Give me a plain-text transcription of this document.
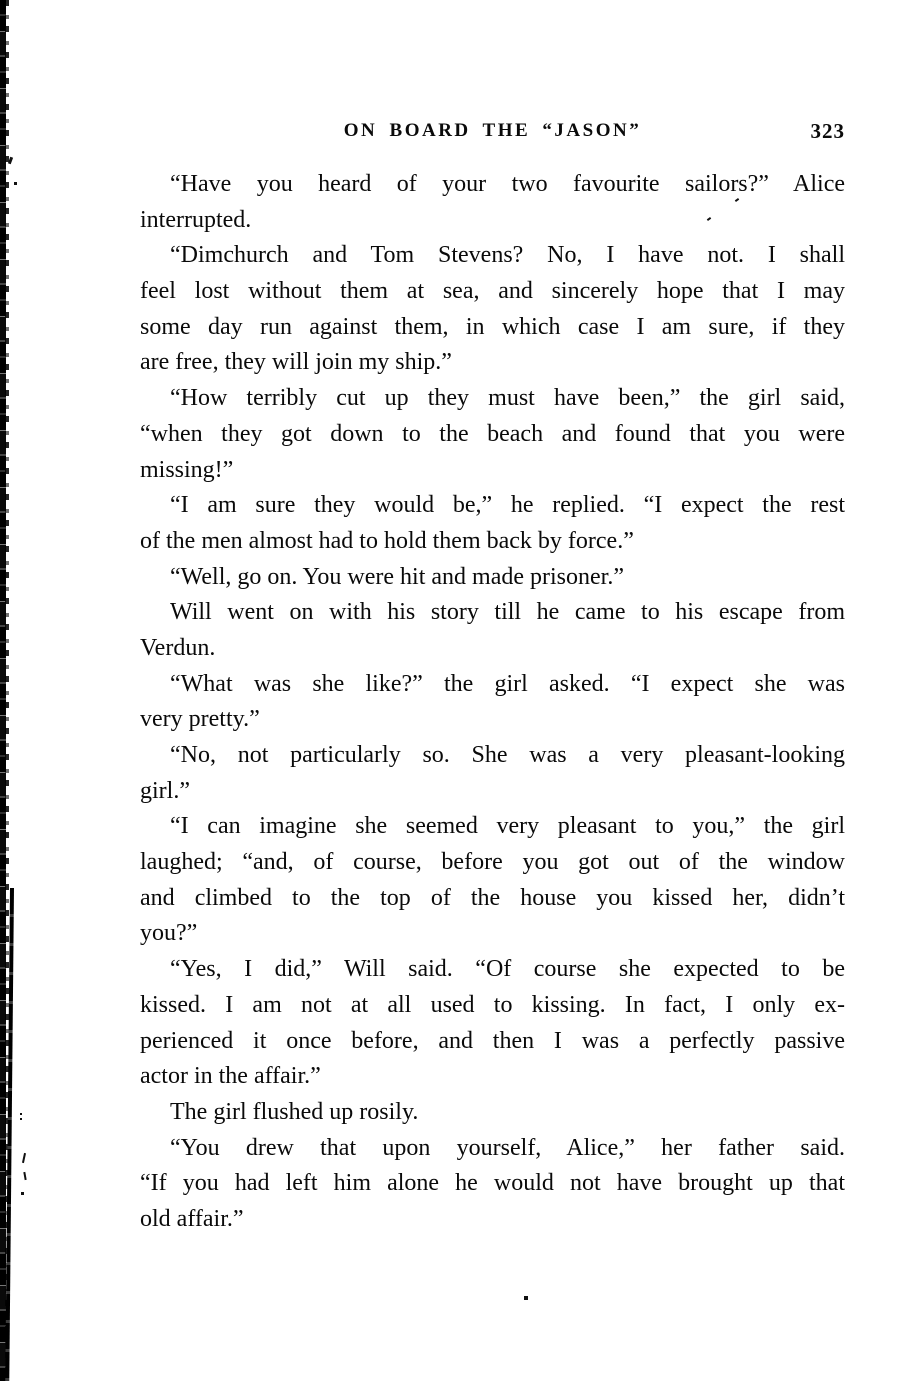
ON BOARD THE “JASON”	323
“Have you heard of your two favourite sailors?” Alice
interrupted.
“Dimchurch and Tom Stevens? No, I have not. I shall
feel lost without them at sea, and sincerely hope that I may
some day run against them, in which case I am sure, if they
are free, they will join my ship.”
“How terribly cut up they must have been,” the girl said,
“when they got down to the beach and found that you were
missing!”
“I am sure they would be,” he replied. “I expect the rest
of the men almost had to hold them back by force.”
“Well, go on. You were hit and made prisoner.”
Will went on with his story till he came to his escape from
Verdun.
“What was she like?” the girl asked. “I expect she was
very pretty.”
“No, not particularly so. She was a very pleasant-looking
girl.”
“I can imagine she seemed very pleasant to you,” the girl
laughed; “and, of course, before you got out of the window
and climbed to the top of the house you kissed her, didn’t
you?”
“Yes, I did,” Will said. “Of course she expected to be
kissed. I am not at all used to kissing. In fact, I only ex-
perienced it once before, and then I was a perfectly passive
actor in the affair.”
The girl flushed up rosily.
“You drew that upon yourself, Alice,” her father said.
“If you had left him alone he would not have brought up that
old affair.”
